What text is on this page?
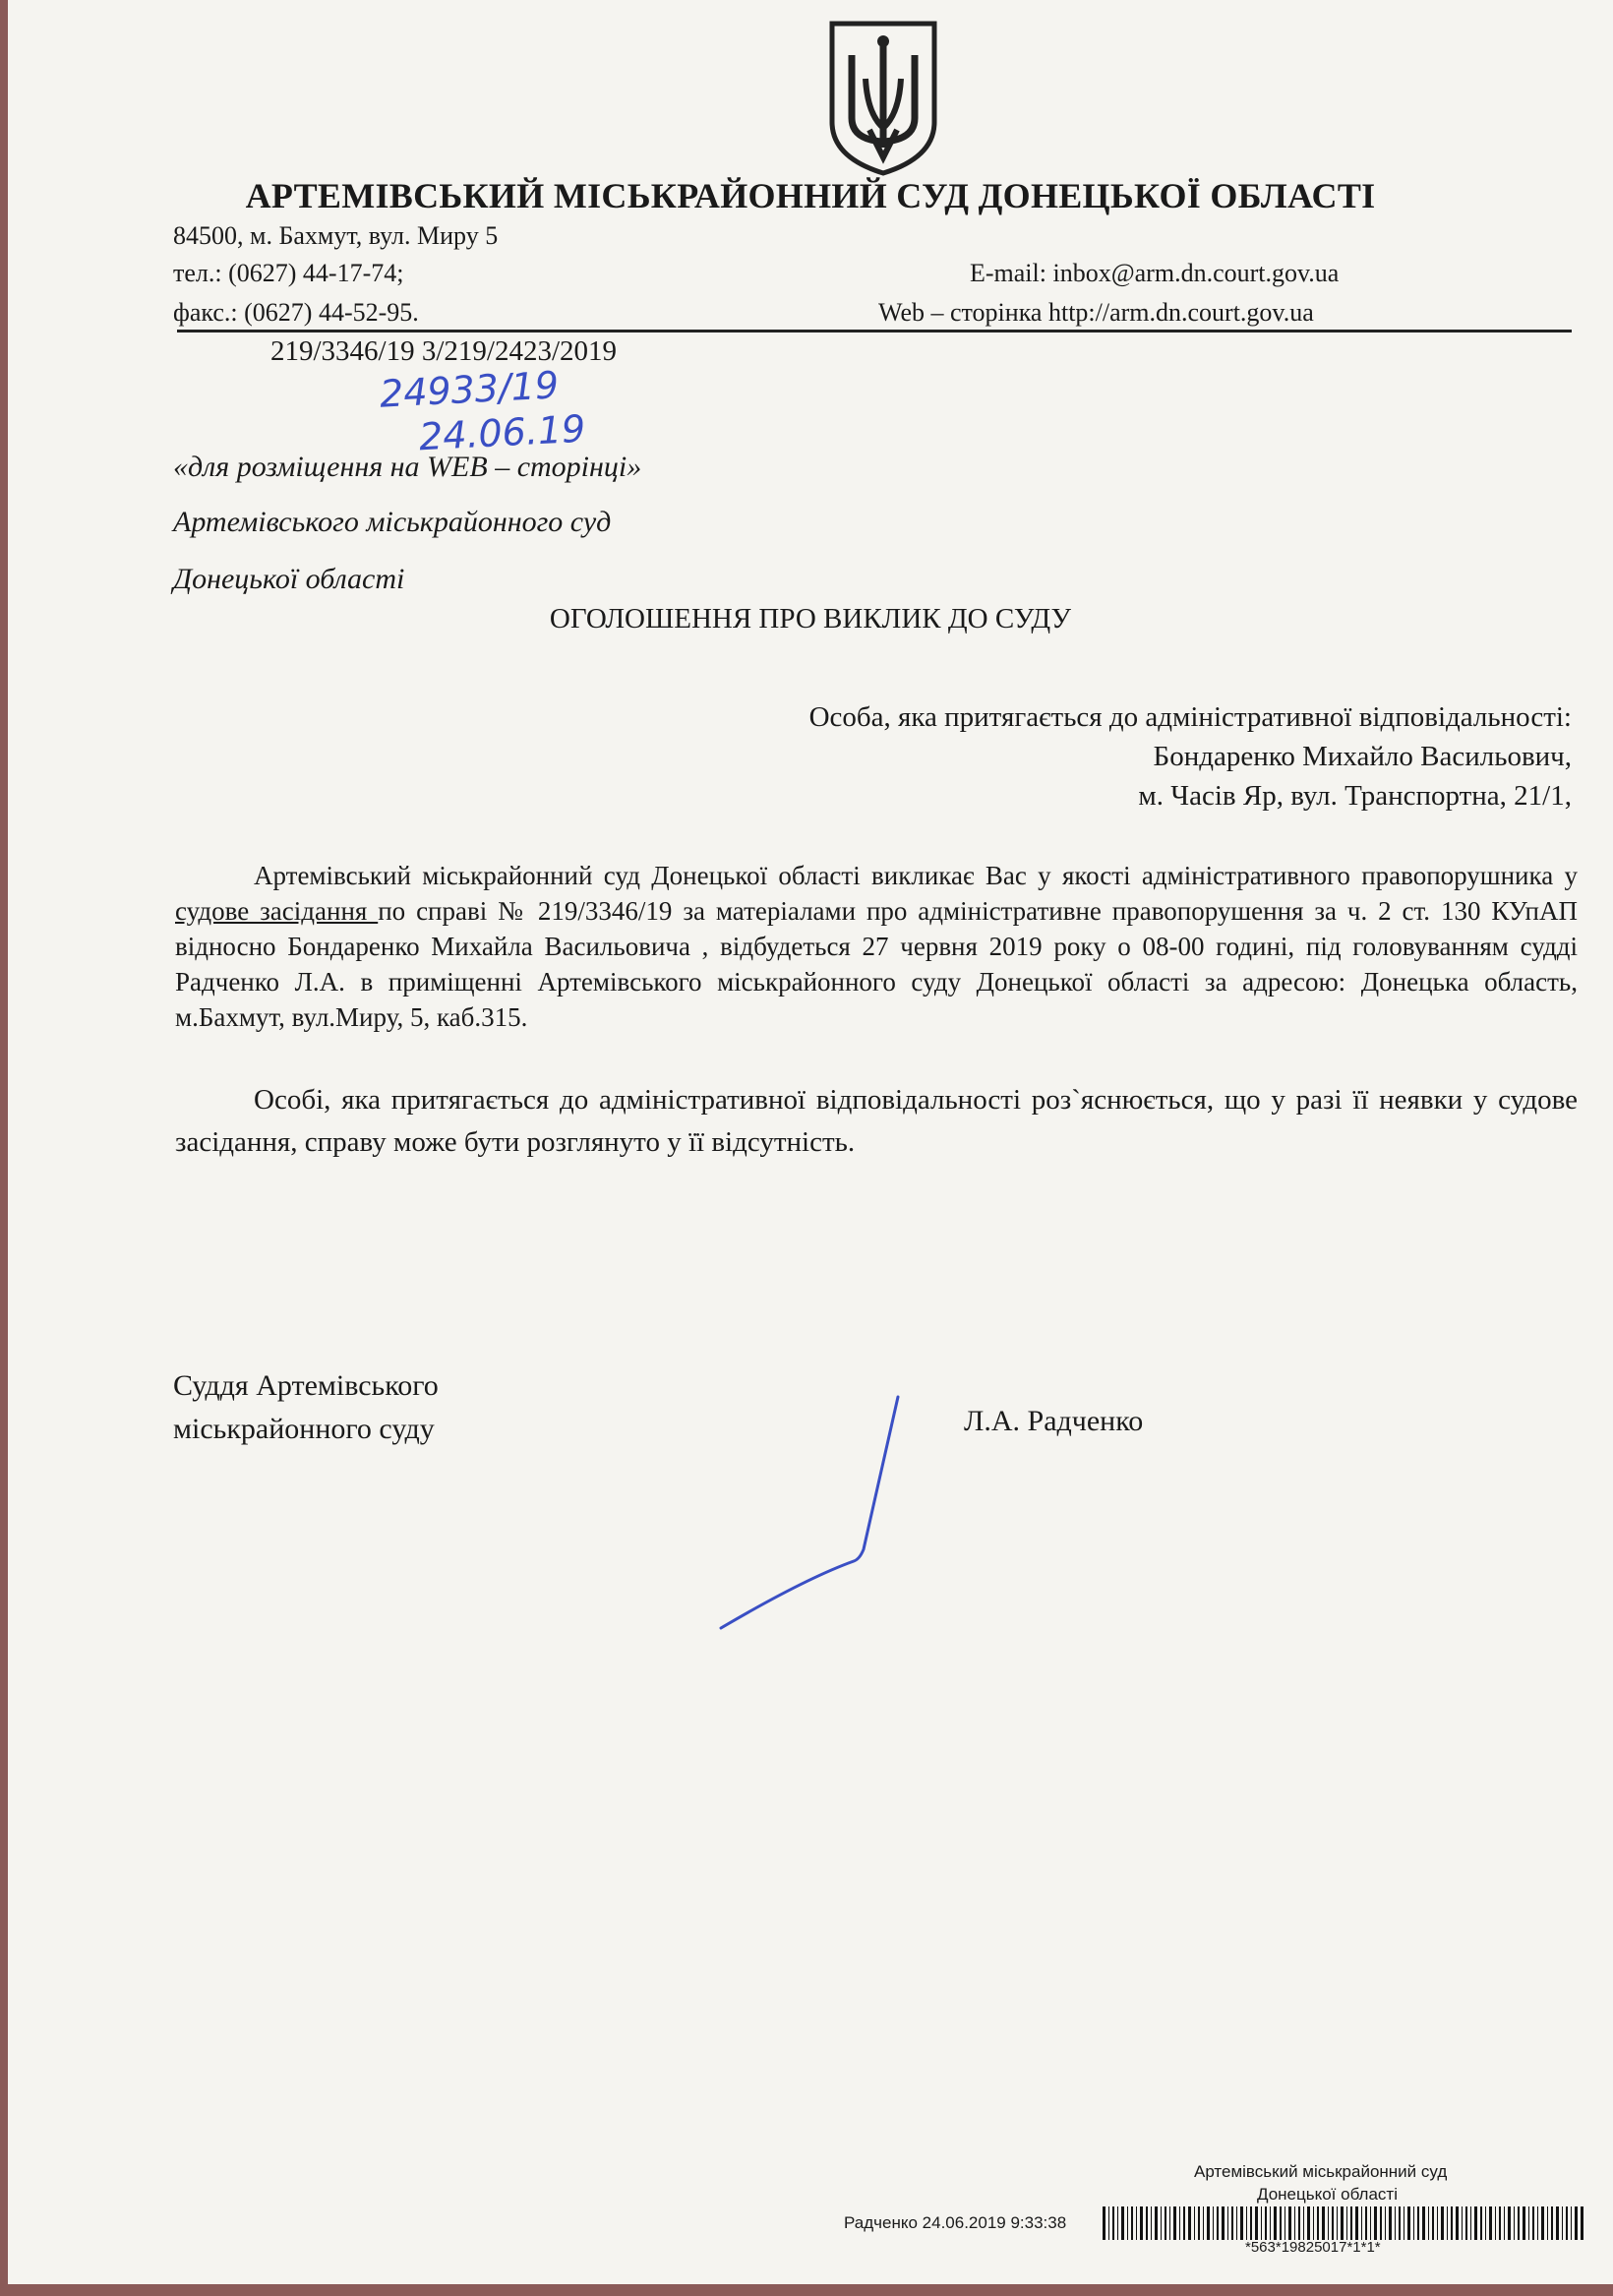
АРТЕМІВСЬКИЙ МІСЬКРАЙОННИЙ СУД ДОНЕЦЬКОЇ ОБЛАСТІ
84500, м. Бахмут, вул. Миру 5
тел.: (0627) 44-17-74;	E-mail: inbox@arm.dn.court.gov.ua
факс.: (0627) 44-52-95.	Web – сторінка http://arm.dn.court.gov.ua
219/3346/19 3/219/2423/2019
24933/19
24.06.19
«для розміщення на WEB – сторінці»
Артемівського міськрайонного суд
Донецької області
ОГОЛОШЕННЯ ПРО ВИКЛИК ДО СУДУ
Особа, яка притягається до адміністративної відповідальності:
Бондаренко Михайло Васильович,
м. Часів Яр, вул. Транспортна, 21/1,
Артемівський міськрайонний суд Донецької області викликає Вас у якості адміністративного правопорушника у судове засідання по справі № 219/3346/19 за матеріалами про адміністративне правопорушення за ч. 2 ст. 130 КУпАП відносно Бондаренко Михайла Васильовича , відбудеться 27 червня 2019 року о 08-00 годині, під головуванням судді Радченко Л.А. в приміщенні Артемівського міськрайонного суду Донецької області за адресою: Донецька область, м.Бахмут, вул.Миру, 5, каб.315.
Особі, яка притягається до адміністративної відповідальності роз`яснюється, що у разі її неявки у судове засідання, справу може бути розглянуто у її відсутність.
Суддя Артемівського
міськрайонного суду	Л.А. Радченко
Артемівський міськрайонний суд
Донецької області
Радченко 24.06.2019 9:33:38
*563*19825017*1*1*
